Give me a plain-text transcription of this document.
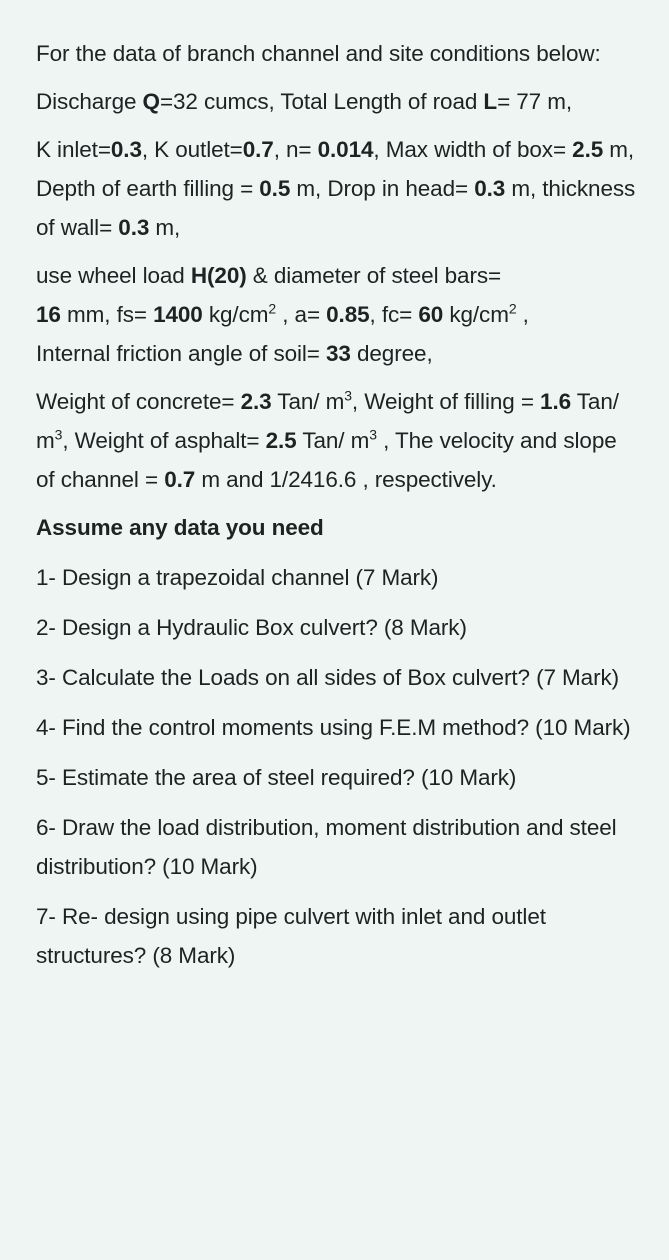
For the data of branch channel and site conditions below:

Discharge Q=32 cumcs, Total Length of road L= 77 m,

K inlet=0.3, K outlet=0.7, n= 0.014, Max width of box= 2.5 m, Depth of earth filling = 0.5 m, Drop in head= 0.3 m, thickness of wall= 0.3 m,

use wheel load H(20) & diameter of steel bars= 16 mm, fs= 1400 $kg/cm^2$ , a= 0.85, fc= 60 $kg/cm^2$ , Internal friction angle of soil= 33 degree,

Weight of concrete= 2.3 Tan/ $m^3$, Weight of filling = 1.6 Tan/ $m^3$, Weight of asphalt= 2.5 Tan/ $m^3$ , The velocity and slope of channel = 0.7 m and 1/2416.6 , respectively.

Assume any data you need

1- Design a trapezoidal channel (7 Mark)

2- Design a Hydraulic Box culvert? (8 Mark)

3- Calculate the Loads on all sides of Box culvert? (7 Mark)

4- Find the control moments using F.E.M method? (10 Mark)

5- Estimate the area of steel required? (10 Mark)

6- Draw the load distribution, moment distribution and steel distribution? (10 Mark)

7- Re- design using pipe culvert with inlet and outlet structures? (8 Mark)
